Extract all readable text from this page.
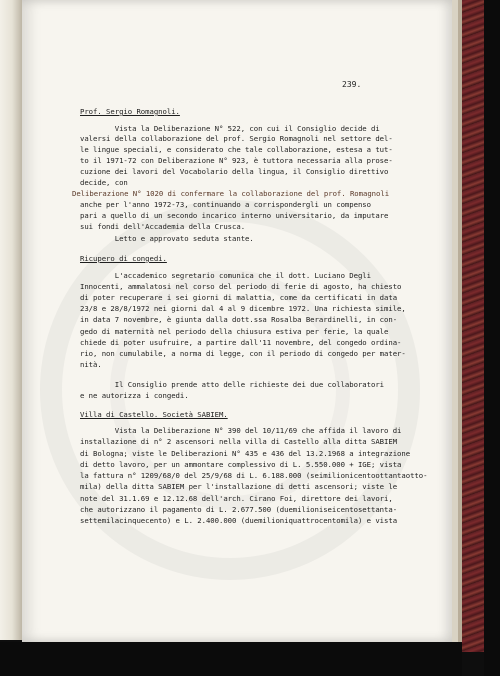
239.
Prof. Sergio Romagnoli.
Vista la Deliberazione N° 522, con cui il Consiglio decide di
valersi della collaborazione del prof. Sergio Romagnoli nel settore del-
le lingue speciali, e considerato che tale collaborazione, estesa a tut-
to il 1971-72 con Deliberazione N° 923, è tuttora necessaria alla prose-
cuzione dei lavori del Vocabolario della lingua, il Consiglio direttivo
decide, con
Deliberazione N° 1020 di confermare la collaborazione del prof. Romagnoli
anche per l'anno 1972-73, continuando a corrispondergli un compenso
pari a quello di un secondo incarico interno universitario, da imputare
sui fondi dell'Accademia della Crusca.
Letto e approvato seduta stante.
Ricupero di congedi.
L'accademico segretario comunica che il dott. Luciano Degli
Innocenti, ammalatosi nel corso del periodo di ferie di agosto, ha chiesto
di poter recuperare i sei giorni di malattia, come da certificati in data
23/8 e 28/8/1972 nei giorni dal 4 al 9 dicembre 1972. Una richiesta simile,
in data 7 novembre, è giunta dalla dott.ssa Rosalba Berardinelli, in con-
gedo di maternità nel periodo della chiusura estiva per ferie, la quale
chiede di poter usufruire, a partire dall'11 novembre, del congedo ordina-
rio, non cumulabile, a norma di legge, con il periodo di congedo per mater-
nità.
Il Consiglio prende atto delle richieste dei due collaboratori
e ne autorizza i congedi.
Villa di Castello. Società SABIEM.
Vista la Deliberazione N° 390 del 10/11/69 che affida il lavoro di
installazione di n° 2 ascensori nella villa di Castello alla ditta SABIEM
di Bologna; viste le Deliberazioni N° 435 e 436 del 13.2.1968 a integrazione
di detto lavoro, per un ammontare complessivo di L. 5.550.000 + IGE; vista
la fattura n° 1209/68/0 del 25/9/68 di L. 6.188.000 (seimilionicentoottantaotto-
mila) della ditta SABIEM per l'installazione di detti ascensori; viste le
note del 31.1.69 e 12.12.68 dell'arch. Cirano Foi, direttore dei lavori,
che autorizzano il pagamento di L. 2.677.500 (duemilioniseicentosettanta-
settemilacinquecento) e L. 2.400.000 (duemilioniquattrocentomila) e vista
